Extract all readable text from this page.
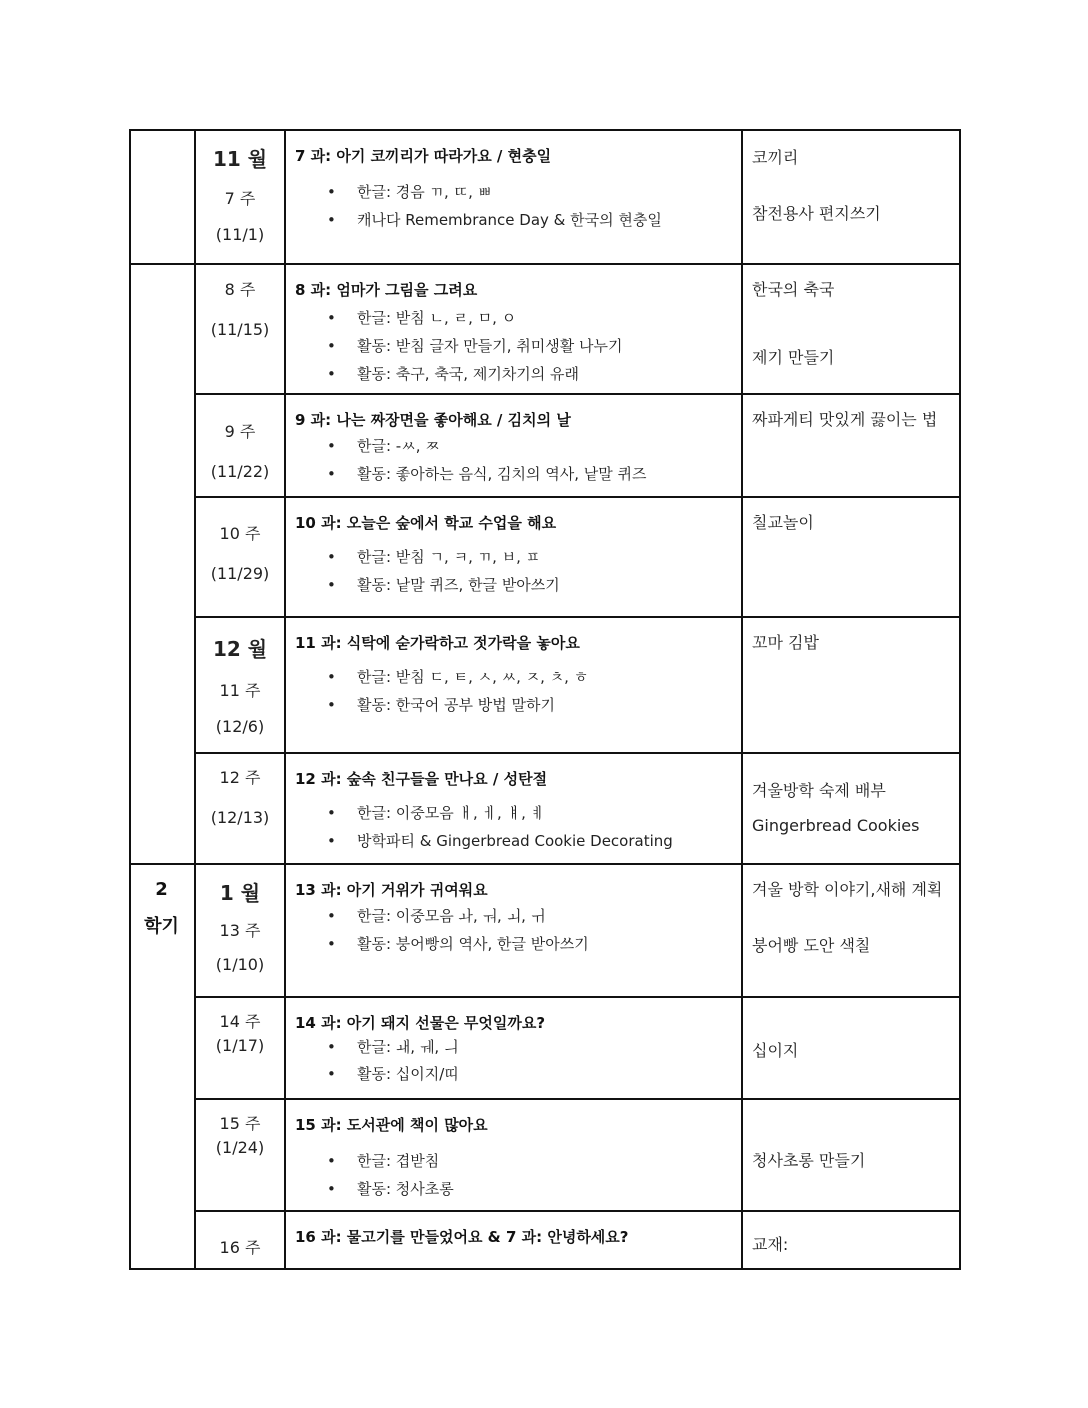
2
학기
11 월
7 주
(11/1)
7 과: 아기 코끼리가 따라가요 / 현충일
• 한글: 경음 ㄲ, ㄸ, ㅃ
• 캐나다 Remembrance Day & 한국의 현충일
코끼리
참전용사 편지쓰기
8 주
(11/15)
8 과: 엄마가 그림을 그려요
• 한글: 받침 ㄴ, ㄹ, ㅁ, ㅇ
• 활동: 받침 글자 만들기, 취미생활 나누기
• 활동: 축구, 축국, 제기차기의 유래
한국의 축국
제기 만들기
9 주
(11/22)
9 과: 나는 짜장면을 좋아해요 / 김치의 날
• 한글: -ㅆ, ㅉ
• 활동: 좋아하는 음식, 김치의 역사, 낱말 퀴즈
짜파게티 맛있게 끓이는 법
10 주
(11/29)
10 과: 오늘은 숲에서 학교 수업을 해요
• 한글: 받침 ㄱ, ㅋ, ㄲ, ㅂ, ㅍ
• 활동: 낱말 퀴즈, 한글 받아쓰기
칠교놀이
12 월
11 주
(12/6)
11 과: 식탁에 숟가락하고 젓가락을 놓아요
• 한글: 받침 ㄷ, ㅌ, ㅅ, ㅆ, ㅈ, ㅊ, ㅎ
• 활동: 한국어 공부 방법 말하기
꼬마 김밥
12 주
(12/13)
12 과: 숲속 친구들을 만나요 / 성탄절
• 한글: 이중모음 ㅐ, ㅔ, ㅒ, ㅖ
• 방학파티 & Gingerbread Cookie Decorating
겨울방학 숙제 배부
Gingerbread Cookies
1 월
13 주
(1/10)
13 과: 아기 거위가 귀여워요
• 한글: 이중모음 ㅘ, ㅝ, ㅚ, ㅟ
• 활동: 붕어빵의 역사, 한글 받아쓰기
겨울 방학 이야기,새해 계획
붕어빵 도안 색칠
14 주
(1/17)
14 과: 아기 돼지 선물은 무엇일까요?
• 한글: ㅙ, ㅞ, ㅢ
• 활동: 십이지/띠
십이지
15 주
(1/24)
15 과: 도서관에 책이 많아요
• 한글: 겹받침
• 활동: 청사초롱
청사초롱 만들기
16 주
16 과: 물고기를 만들었어요 & 7 과: 안녕하세요?	교재:
